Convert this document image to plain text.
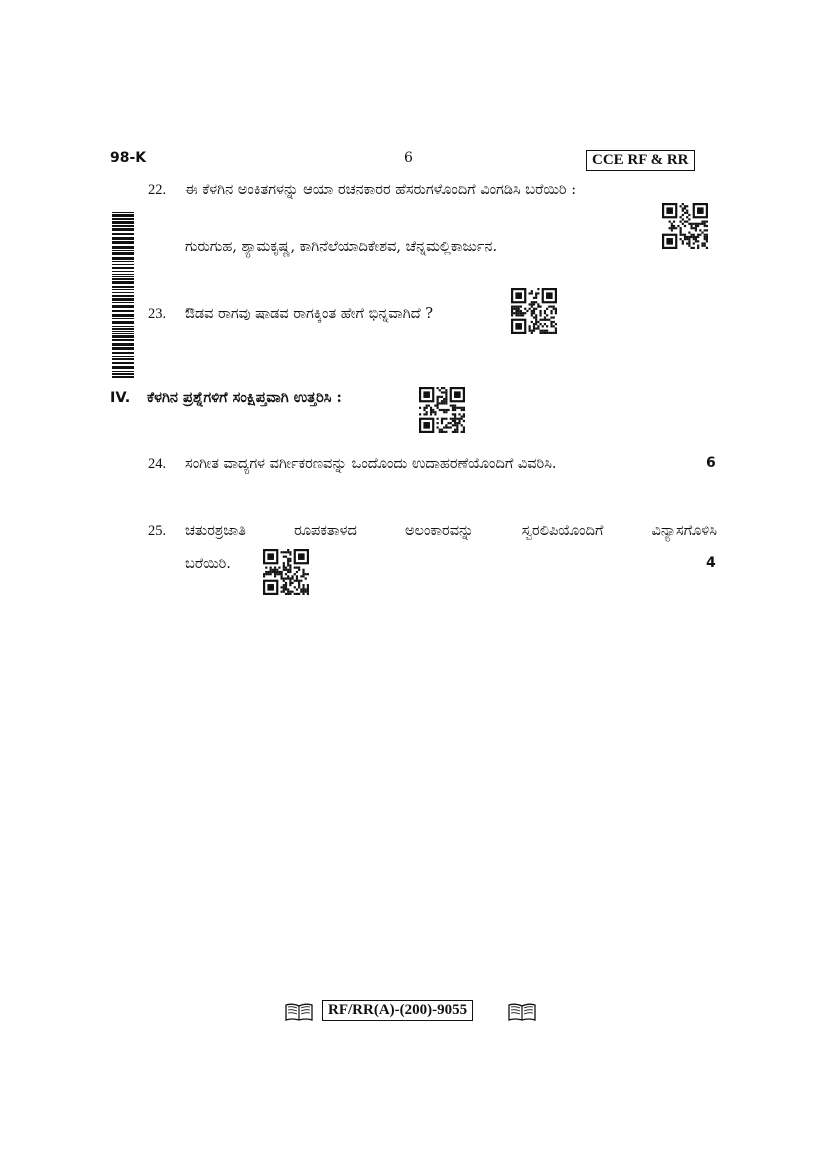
98-K	6	CCE RF & RR
22. ಈ ಕೆಳಗಿನ ಅಂಕಿತಗಳನ್ನು ಆಯಾ ರಚನಕಾರರ ಹೆಸರುಗಳೊಂದಿಗೆ ವಿಂಗಡಿಸಿ ಬರೆಯಿರಿ :
ಗುರುಗುಹ, ಶ್ಯಾಮಕೃಷ್ಣ, ಕಾಗಿನೆಲೆಯಾದಿಕೇಶವ, ಚೆನ್ನಮಲ್ಲಿಕಾರ್ಜುನ.
23. ಔಡವ ರಾಗವು ಷಾಡವ ರಾಗಕ್ಕಿಂತ ಹೇಗೆ ಭಿನ್ನವಾಗಿದೆ ?
IV. ಕೆಳಗಿನ ಪ್ರಶ್ನೆಗಳಿಗೆ ಸಂಕ್ಷಿಪ್ತವಾಗಿ ಉತ್ತರಿಸಿ :
24. ಸಂಗೀತ ವಾದ್ಯಗಳ ವರ್ಗೀಕರಣವನ್ನು ಒಂದೊಂದು ಉದಾಹರಣೆಯೊಂದಿಗೆ ವಿವರಿಸಿ.	6
25. ಚತುರಶ್ರಜಾತಿ ರೂಪಕತಾಳದ ಅಲಂಕಾರವನ್ನು ಸ್ವರಲಿಪಿಯೊಂದಿಗೆ ವಿನ್ಯಾಸಗೊಳಿಸಿ
ಬರೆಯಿರಿ.	4
RF/RR(A)-(200)-9055
